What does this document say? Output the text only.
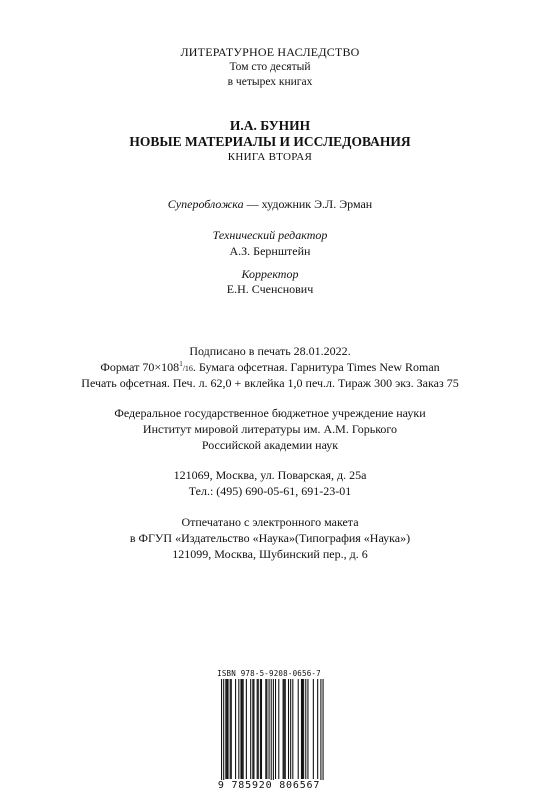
ЛИТЕРАТУРНОЕ НАСЛЕДСТВО
Том сто десятый
в четырех книгах
И.А. БУНИН
НОВЫЕ МАТЕРИАЛЫ И ИССЛЕДОВАНИЯ
КНИГА ВТОРАЯ
Суперобложка — художник Э.Л. Эрман
Технический редактор
А.З. Бернштейн
Корректор
Е.Н. Сченснович
Подписано в печать 28.01.2022.
Формат $70\times 108^1/16$. Бумага офсетная. Гарнитура Times New Roman
Печать офсетная. Печ. л. 62,0 + вклейка 1,0 печ.л. Тираж 300 экз. Заказ 75
Федеральное государственное бюджетное учреждение науки
Институт мировой литературы им. А.М. Горького
Российской академии наук
121069, Москва, ул. Поварская, д. 25а
Тел.: (495) 690-05-61, 691-23-01
Отпечатано с электронного макета
в ФГУП «Издательство «Наука»(Типография «Наука»)
121099, Москва, Шубинский пер., д. 6
ISBN 978-5-9208-0656-7
9 785920 806567
